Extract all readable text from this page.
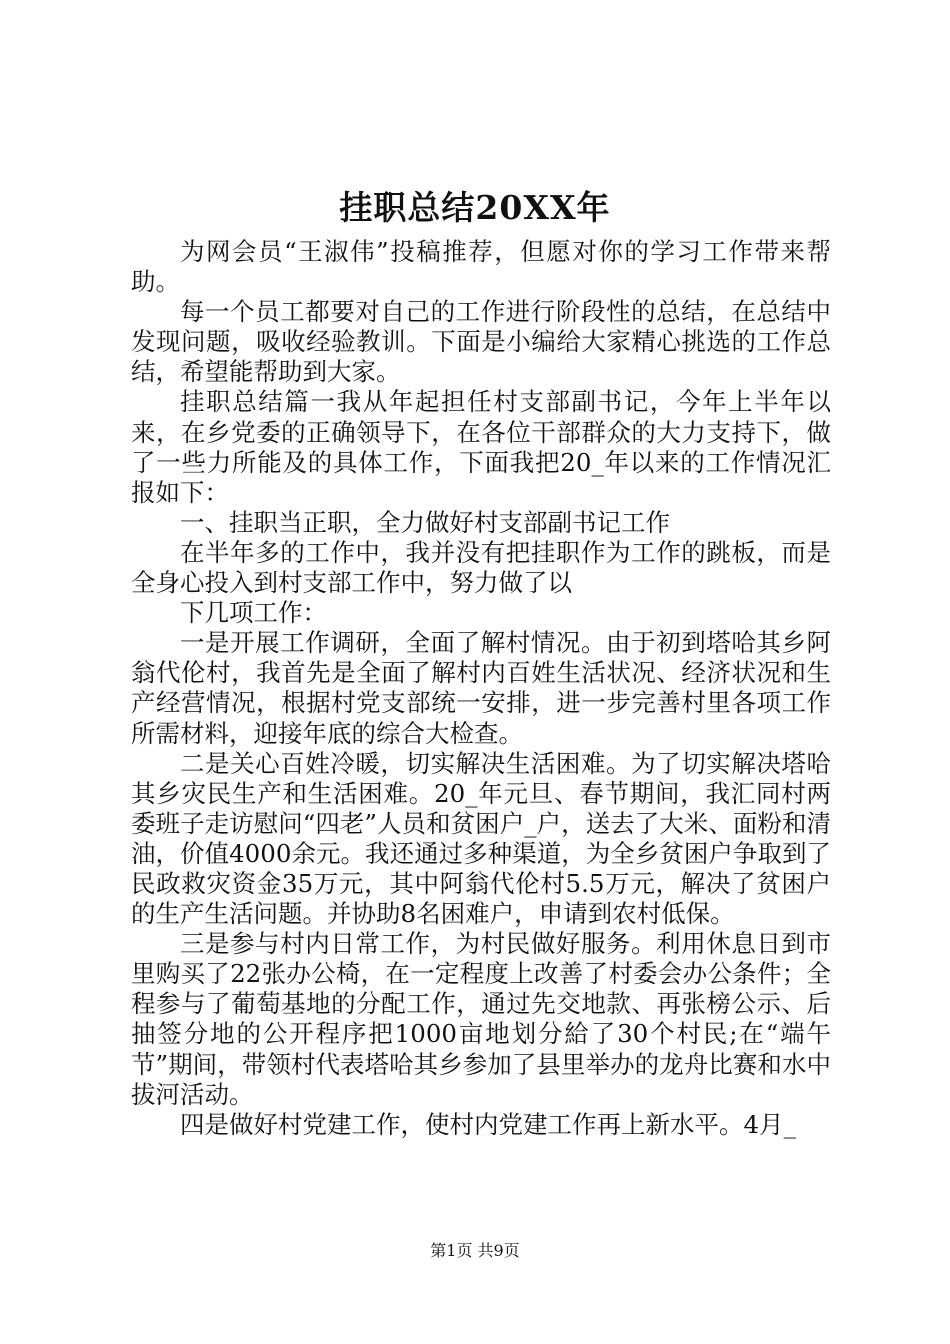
挂职总结20XX年

为网会员“王淑伟”投稿推荐，但愿对你的学习工作带来帮助。

每一个员工都要对自己的工作进行阶段性的总结，在总结中发现问题，吸收经验教训。下面是小编给大家精心挑选的工作总结，希望能帮助到大家。

挂职总结篇一我从年起担任村支部副书记，今年上半年以来，在乡党委的正确领导下，在各位干部群众的大力支持下，做了一些力所能及的具体工作，下面我把20_年以来的工作情况汇报如下：

一、挂职当正职，全力做好村支部副书记工作

在半年多的工作中，我并没有把挂职作为工作的跳板，而是全身心投入到村支部工作中，努力做了以

下几项工作：

一是开展工作调研，全面了解村情况。由于初到塔哈其乡阿翁代伦村，我首先是全面了解村内百姓生活状况、经济状况和生产经营情况，根据村党支部统一安排，进一步完善村里各项工作所需材料，迎接年底的综合大检查。

二是关心百姓冷暖，切实解决生活困难。为了切实解决塔哈其乡灾民生产和生活困难。20_年元旦、春节期间，我汇同村两委班子走访慰问“四老”人员和贫困户_户，送去了大米、面粉和清油，价值4000余元。我还通过多种渠道，为全乡贫困户争取到了民政救灾资金35万元，其中阿翁代伦村5.5万元，解决了贫困户的生产生活问题。并协助8名困难户，申请到农村低保。

三是参与村内日常工作，为村民做好服务。利用休息日到市里购买了22张办公椅，在一定程度上改善了村委会办公条件；全程参与了葡萄基地的分配工作，通过先交地款、再张榜公示、后抽签分地的公开程序把1000亩地划分給了30个村民;在“端午节”期间，带领村代表塔哈其乡参加了县里举办的龙舟比赛和水中拔河活动。

四是做好村党建工作，使村内党建工作再上新水平。4月_

第1页 共9页
